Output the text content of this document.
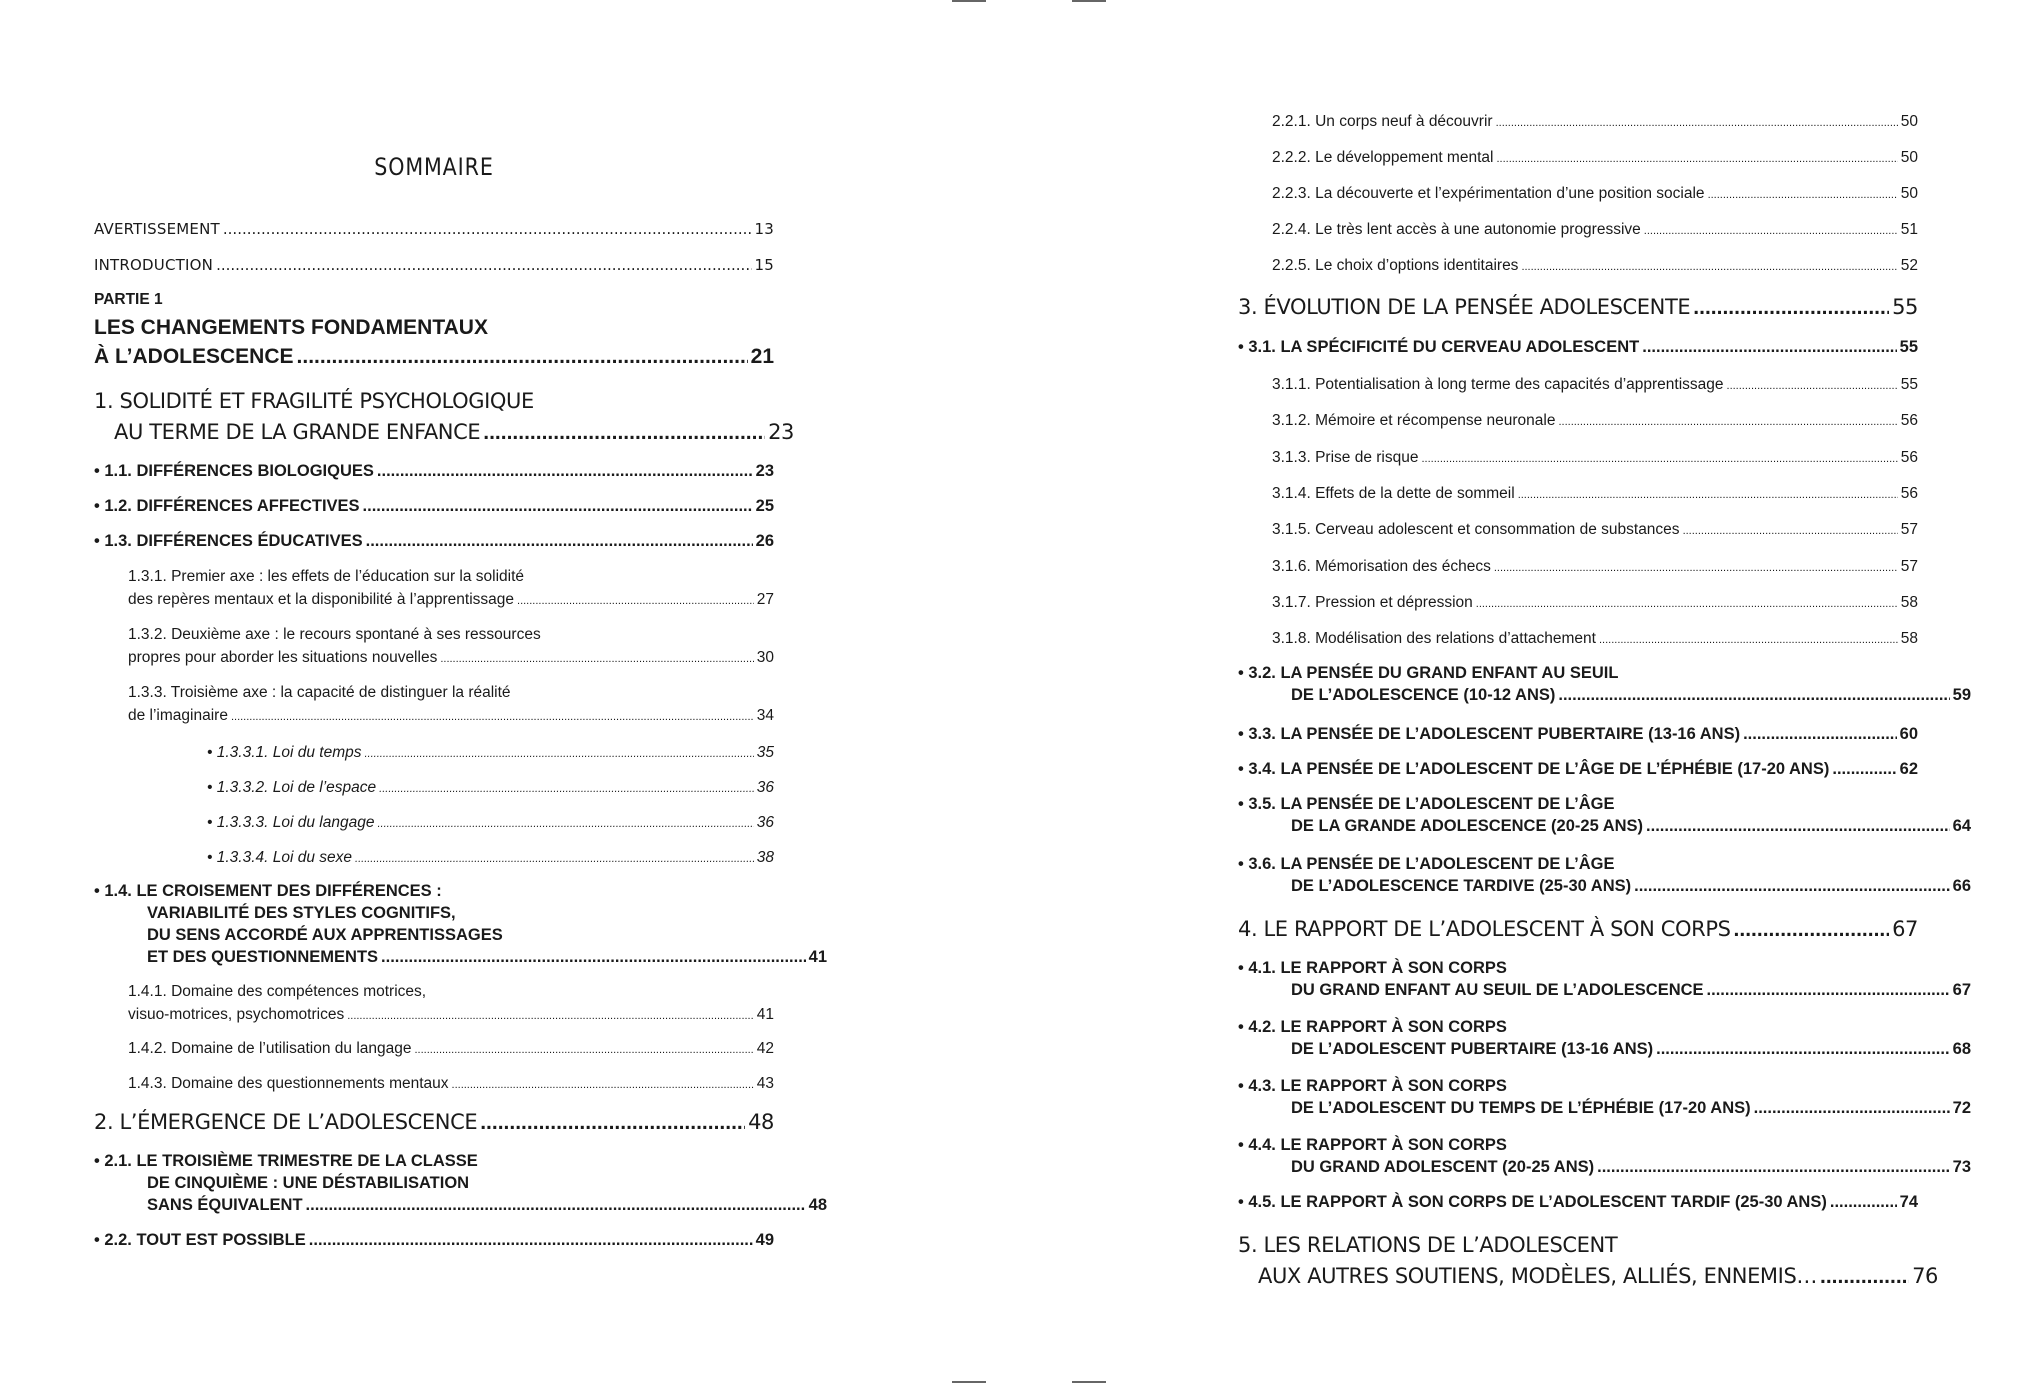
SOMMAIRE
AVERTISSEMENT .....	13
INTRODUCTION .....	15
PARTIE 1
LES CHANGEMENTS FONDAMENTAUX
À L’ADOLESCENCE .....	21
1. SOLIDITÉ ET FRAGILITÉ PSYCHOLOGIQUE
AU TERME DE LA GRANDE ENFANCE .....	23
• 1.1. DIFFÉRENCES BIOLOGIQUES .....	23
• 1.2. DIFFÉRENCES AFFECTIVES .....	25
• 1.3. DIFFÉRENCES ÉDUCATIVES .....	26
1.3.1. Premier axe : les effets de l’éducation sur la solidité
des repères mentaux et la disponibilité à l’apprentissage .....	27
1.3.2. Deuxième axe : le recours spontané à ses ressources
propres pour aborder les situations nouvelles .....	30
1.3.3. Troisième axe : la capacité de distinguer la réalité
de l’imaginaire .....	34
• 1.3.3.1. Loi du temps .....	35
• 1.3.3.2. Loi de l’espace .....	36
• 1.3.3.3. Loi du langage .....	36
• 1.3.3.4. Loi du sexe .....	38
• 1.4. LE CROISEMENT DES DIFFÉRENCES :
VARIABILITÉ DES STYLES COGNITIFS,
DU SENS ACCORDÉ AUX APPRENTISSAGES
ET DES QUESTIONNEMENTS .....	41
1.4.1. Domaine des compétences motrices,
visuo-motrices, psychomotrices .....	41
1.4.2. Domaine de l’utilisation du langage .....	42
1.4.3. Domaine des questionnements mentaux .....	43
2. L’ÉMERGENCE DE L’ADOLESCENCE .....	48
• 2.1. LE TROISIÈME TRIMESTRE DE LA CLASSE
DE CINQUIÈME : UNE DÉSTABILISATION
SANS ÉQUIVALENT .....	48
• 2.2. TOUT EST POSSIBLE .....	49
2.2.1. Un corps neuf à découvrir .....	50
2.2.2. Le développement mental .....	50
2.2.3. La découverte et l’expérimentation d’une position sociale .....	50
2.2.4. Le très lent accès à une autonomie progressive .....	51
2.2.5. Le choix d’options identitaires .....	52
3. ÉVOLUTION DE LA PENSÉE ADOLESCENTE .....	55
• 3.1. LA SPÉCIFICITÉ DU CERVEAU ADOLESCENT .....	55
3.1.1. Potentialisation à long terme des capacités d’apprentissage .....	55
3.1.2. Mémoire et récompense neuronale .....	56
3.1.3. Prise de risque .....	56
3.1.4. Effets de la dette de sommeil .....	56
3.1.5. Cerveau adolescent et consommation de substances .....	57
3.1.6. Mémorisation des échecs .....	57
3.1.7. Pression et dépression .....	58
3.1.8. Modélisation des relations d’attachement .....	58
• 3.2. LA PENSÉE DU GRAND ENFANT AU SEUIL
DE L’ADOLESCENCE (10-12 ANS) .....	59
• 3.3. LA PENSÉE DE L’ADOLESCENT PUBERTAIRE (13-16 ANS) .....	60
• 3.4. LA PENSÉE DE L’ADOLESCENT DE L’ÂGE DE L’ÉPHÉBIE (17-20 ANS) .....	62
• 3.5. LA PENSÉE DE L’ADOLESCENT DE L’ÂGE
DE LA GRANDE ADOLESCENCE (20-25 ANS) .....	64
• 3.6. LA PENSÉE DE L’ADOLESCENT DE L’ÂGE
DE L’ADOLESCENCE TARDIVE (25-30 ANS) .....	66
4. LE RAPPORT DE L’ADOLESCENT À SON CORPS .....	67
• 4.1. LE RAPPORT À SON CORPS
DU GRAND ENFANT AU SEUIL DE L’ADOLESCENCE .....	67
• 4.2. LE RAPPORT À SON CORPS
DE L’ADOLESCENT PUBERTAIRE (13-16 ANS) .....	68
• 4.3. LE RAPPORT À SON CORPS
DE L’ADOLESCENT DU TEMPS DE L’ÉPHÉBIE (17-20 ANS) .....	72
• 4.4. LE RAPPORT À SON CORPS
DU GRAND ADOLESCENT (20-25 ANS) .....	73
• 4.5. LE RAPPORT À SON CORPS DE L’ADOLESCENT TARDIF (25-30 ANS) .....	74
5. LES RELATIONS DE L’ADOLESCENT
AUX AUTRES SOUTIENS, MODÈLES, ALLIÉS, ENNEMIS… .....	76
